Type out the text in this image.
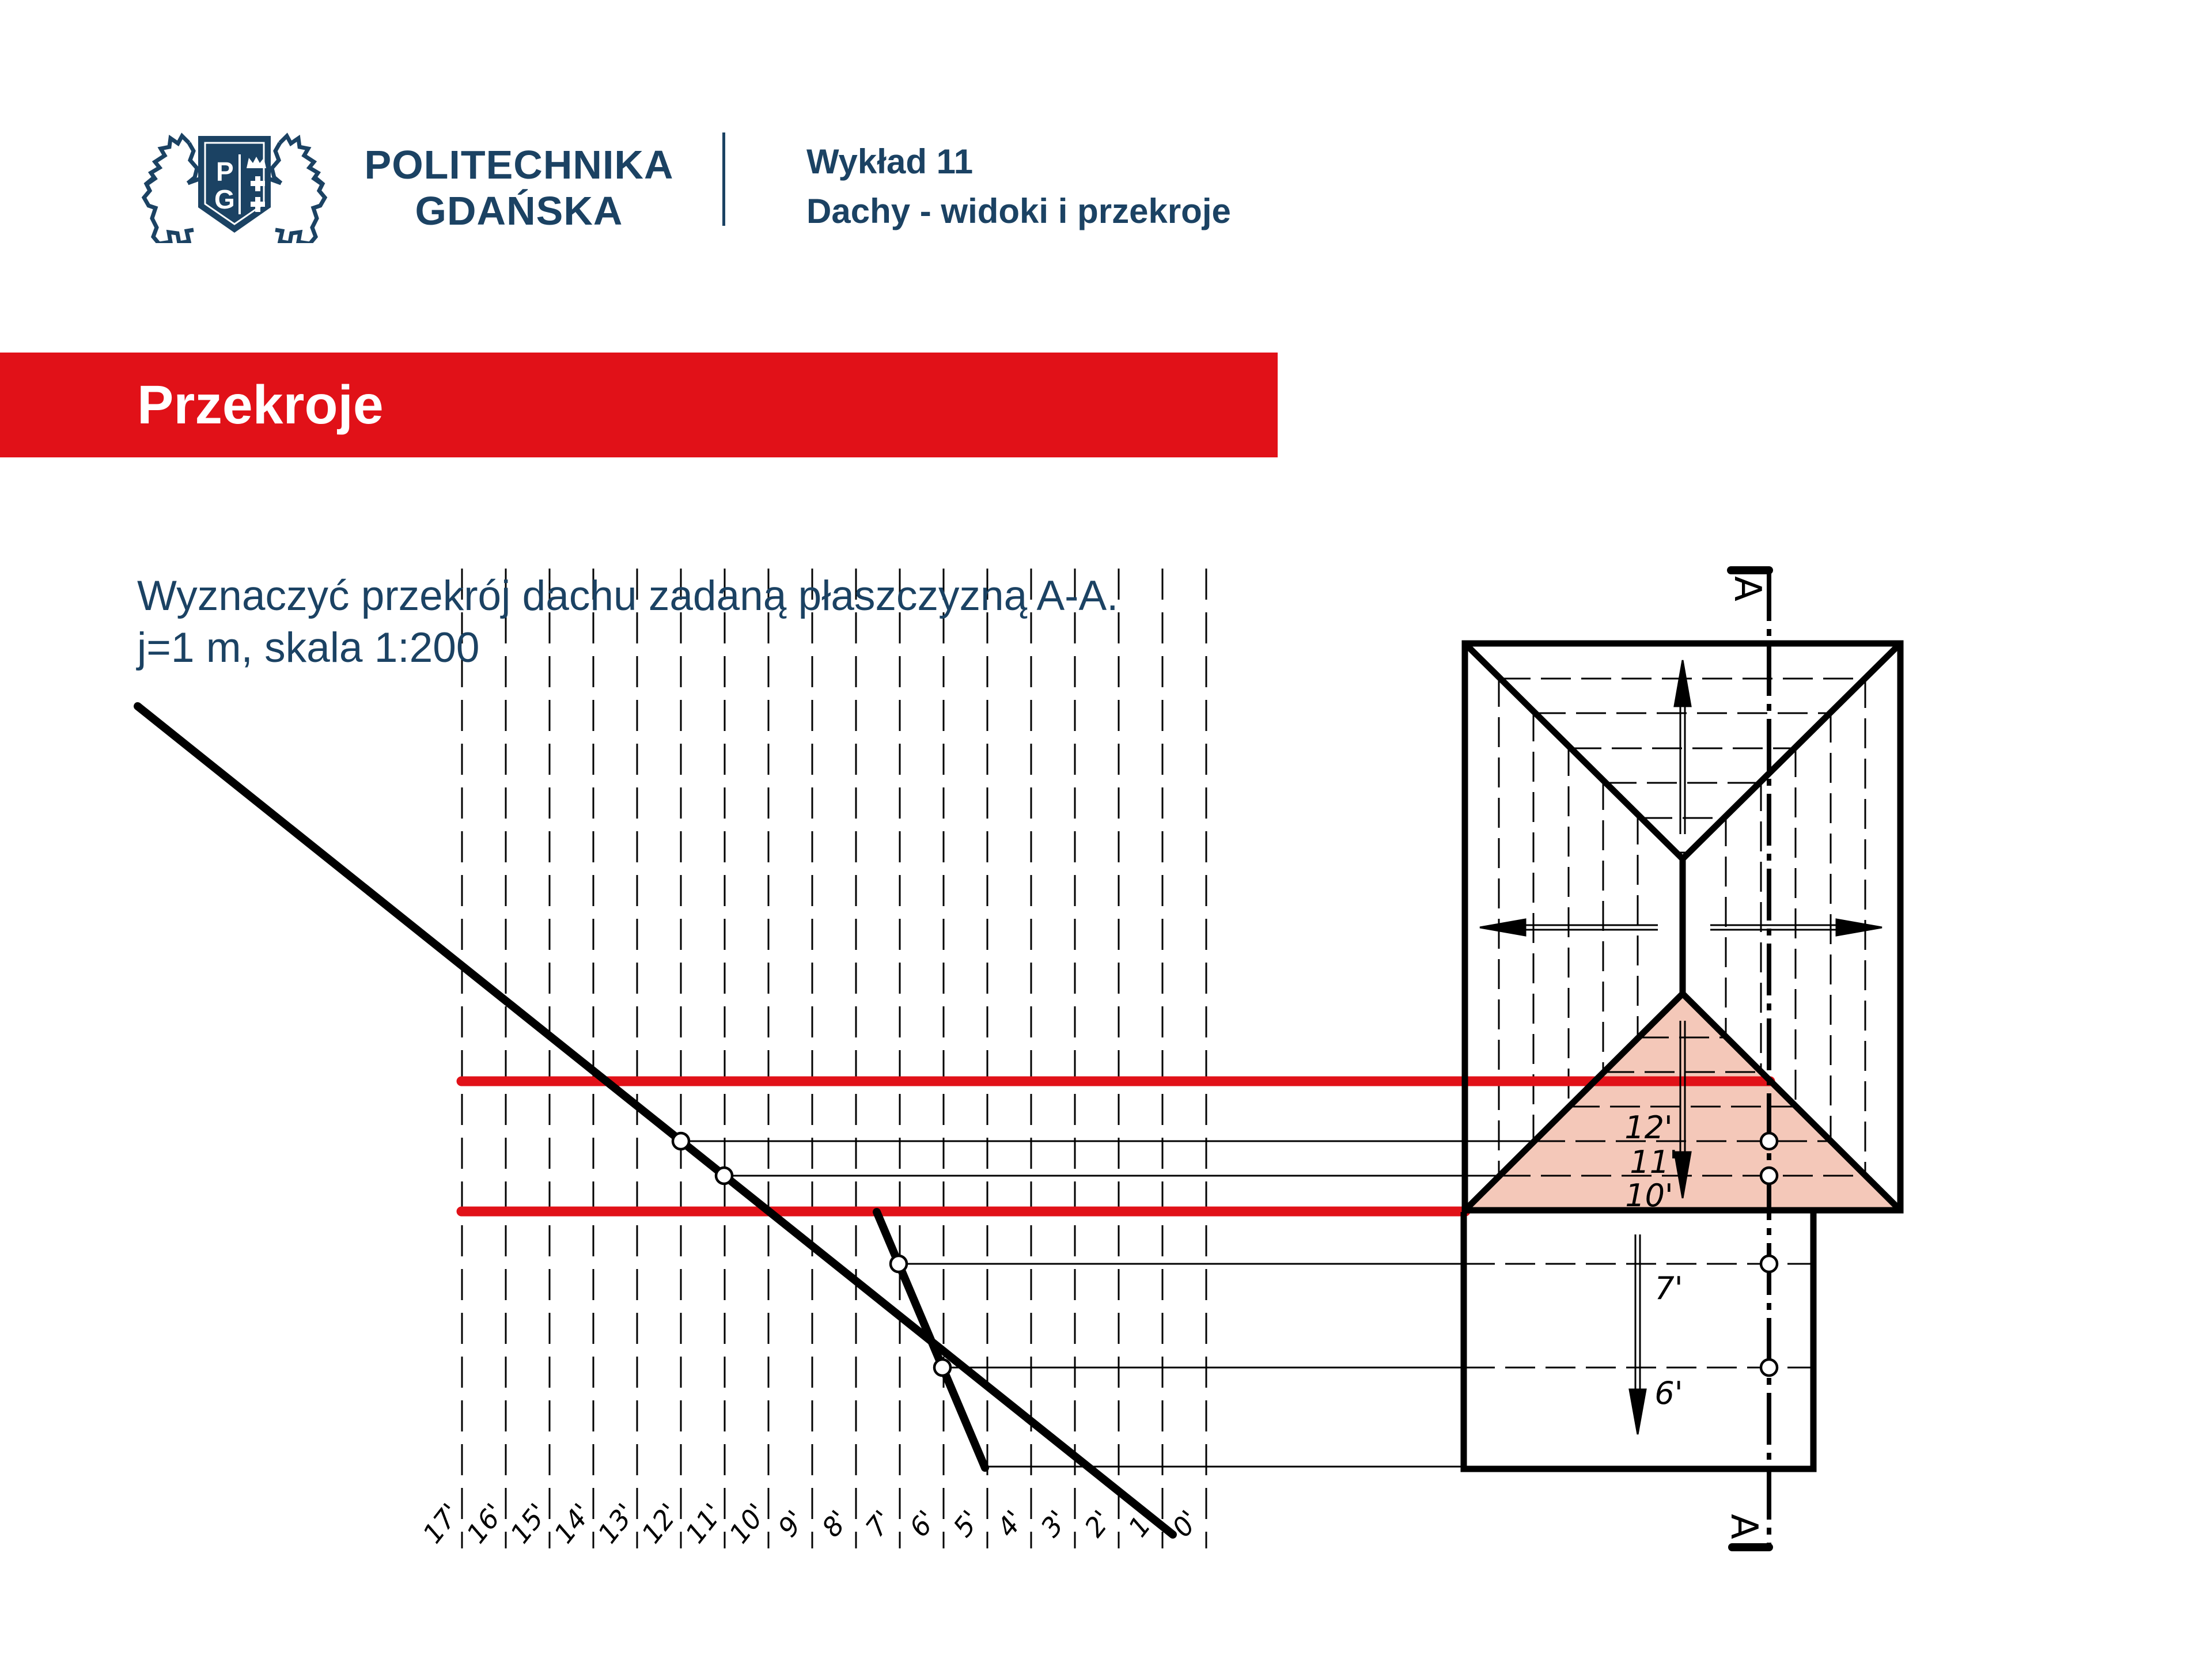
P
G
POLITECHNIKA
GDAŃSKA
Wykład 11
Dachy - widoki i przekroje
Przekroje
Wyznaczyć przekrój dachu zadaną płaszczyzną A-A.
j=1 m, skala 1:200
17'
16'
15'
14'
13'
12'
11'
10'
9' 8' 7' 6' 5' 4' 3' 2' 1' 0'
12'
11'
10'
7'
6'
A
A
